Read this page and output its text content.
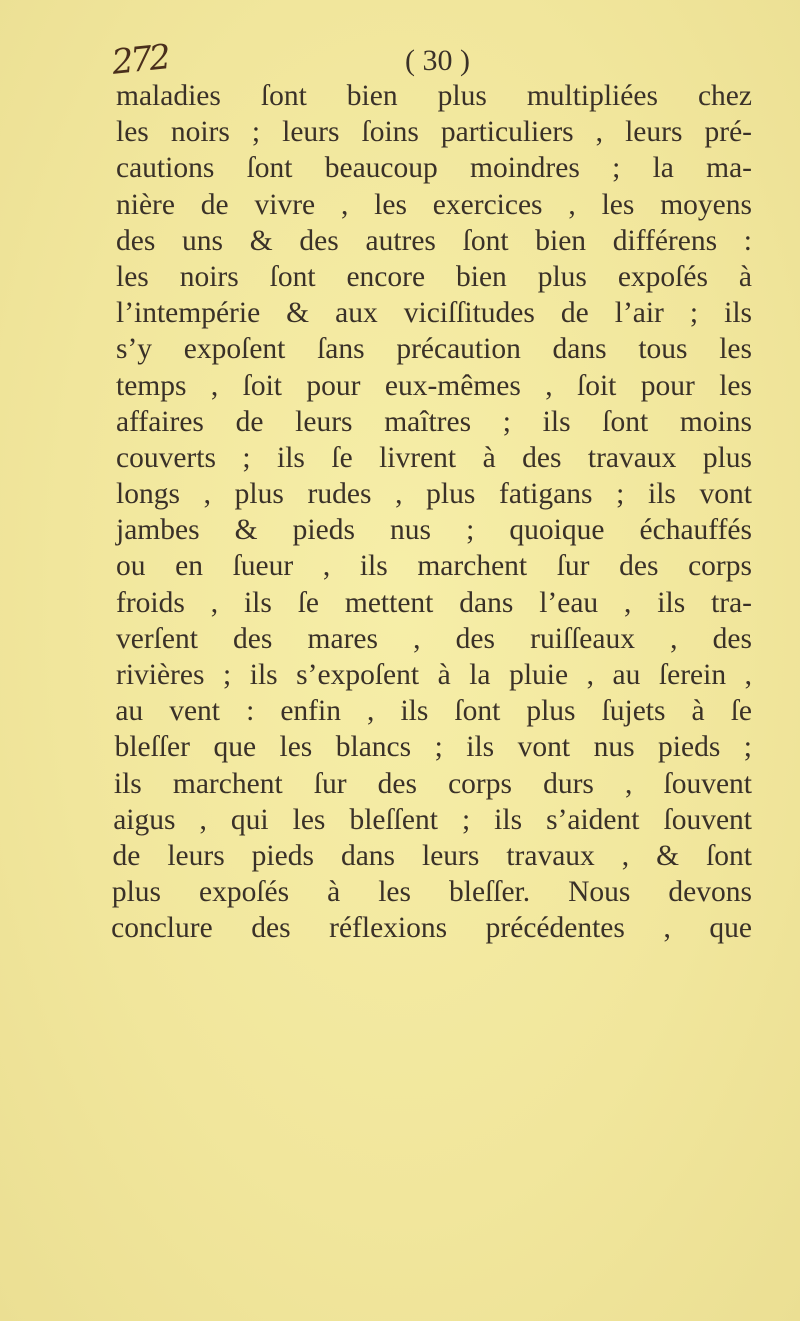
272	( 30 )
maladies ſont bien plus multipliées chez
les noirs ; leurs ſoins particuliers , leurs pré-
cautions ſont beaucoup moindres ; la ma-
nière de vivre , les exercices , les moyens
des uns & des autres ſont bien différens :
les noirs ſont encore bien plus expoſés à
l’intempérie & aux viciſſitudes de l’air ; ils
s’y expoſent ſans précaution dans tous les
temps , ſoit pour eux-mêmes , ſoit pour les
affaires de leurs maîtres ; ils ſont moins
couverts ; ils ſe livrent à des travaux plus
longs , plus rudes , plus fatigans ; ils vont
jambes & pieds nus ; quoique échauffés
ou en ſueur , ils marchent ſur des corps
froids , ils ſe mettent dans l’eau , ils tra-
verſent des mares , des ruiſſeaux , des
rivières ; ils s’expoſent à la pluie , au ſerein ,
au vent : enfin , ils ſont plus ſujets à ſe
bleſſer que les blancs ; ils vont nus pieds ;
ils marchent ſur des corps durs , ſouvent
aigus , qui les bleſſent ; ils s’aident ſouvent
de leurs pieds dans leurs travaux , & ſont
plus expoſés à les bleſſer. Nous devons
conclure des réflexions précédentes , que
